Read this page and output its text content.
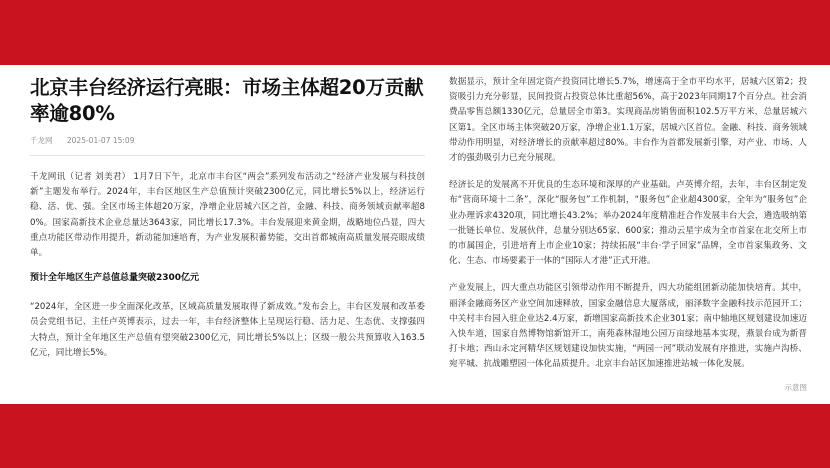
北京丰台经济运行亮眼：市场主体超20万贡献率逾80%
千龙网 2025-01-07 15:09

千龙网讯（记者 刘美君） 1月7日下午，北京市丰台区“两会”系列发布活动之“经济产业发展与科技创新”主题发布举行。2024年，丰台区地区生产总值预计突破2300亿元，同比增长5%以上，经济运行稳、活、优、强。全区市场主体超20万家，净增企业居城六区之首，金融、科技、商务领域贡献率超80%。国家高新技术企业总量达3643家，同比增长17.3%。丰台发展迎来黄金期，战略地位凸显，四大重点功能区带动作用提升，新动能加速培育，为产业发展积蓄势能，交出首都城南高质量发展亮眼成绩单。

预计全年地区生产总值总量突破2300亿元

“2024年，全区进一步全面深化改革，区域高质量发展取得了新成效。”发布会上，丰台区发展和改革委员会党组书记、主任卢英博表示，过去一年，丰台经济整体上呈现运行稳、活力足、生态优、支撑强四大特点，预计全年地区生产总值有望突破2300亿元，同比增长5%以上；区级一般公共预算收入163.5亿元，同比增长5%。

数据显示，预计全年固定资产投资同比增长5.7%，增速高于全市平均水平，居城六区第2；投资吸引力充分彰显，民间投资占投资总体比重超56%，高于2023年同期17个百分点。社会消费品零售总额1330亿元，总量居全市第3。实现商品房销售面积102.5万平方米，总量居城六区第1。全区市场主体突破20万家，净增企业1.1万家，居城六区首位。金融、科技、商务领域带动作用明显，对经济增长的贡献率超过80%。丰台作为首都发展新引擎，对产业、市场、人才的强劲吸引力已充分展现。

经济长足的发展离不开优良的生态环境和深厚的产业基础。卢英博介绍，去年，丰台区制定发布“营商环境十二条”，深化“服务包”工作机制，“服务包”企业超4300家，全年为“服务包”企业办理诉求4320项，同比增长43.2%；举办2024年度精准赶合作发展丰台大会，遴选吸纳第一批链长单位、发展伙伴，总量分别达65家、600家；推动云星宇成为全市首家在北交所上市的市属国企，引进培育上市企业10家；持续拓展“丰台·学子回家”品牌，全市首家集政务、文化、生态、市场要素于一体的“国际人才港”正式开港。

产业发展上，四大重点功能区引领带动作用不断提升，四大功能组团新动能加快培育。其中，丽泽金融商务区产业空间加速释放，国家金融信息大厦落成，丽泽数字金融科技示范园开工；中关村丰台园入驻企业达2.4万家，新增国家高新技术企业301家；南中轴地区规划建设加速迈入快车道，国家自然博物馆新馆开工，南苑森林湿地公园万亩绿地基本实现，燕景台成为新晋打卡地；西山永定河精华区规划建设加快实施，“两园一河”联动发展有序推进，实施卢沟桥、宛平城、抗战雕塑园一体化品质提升。北京丰台站区加速推进站城一体化发展。

示意图
